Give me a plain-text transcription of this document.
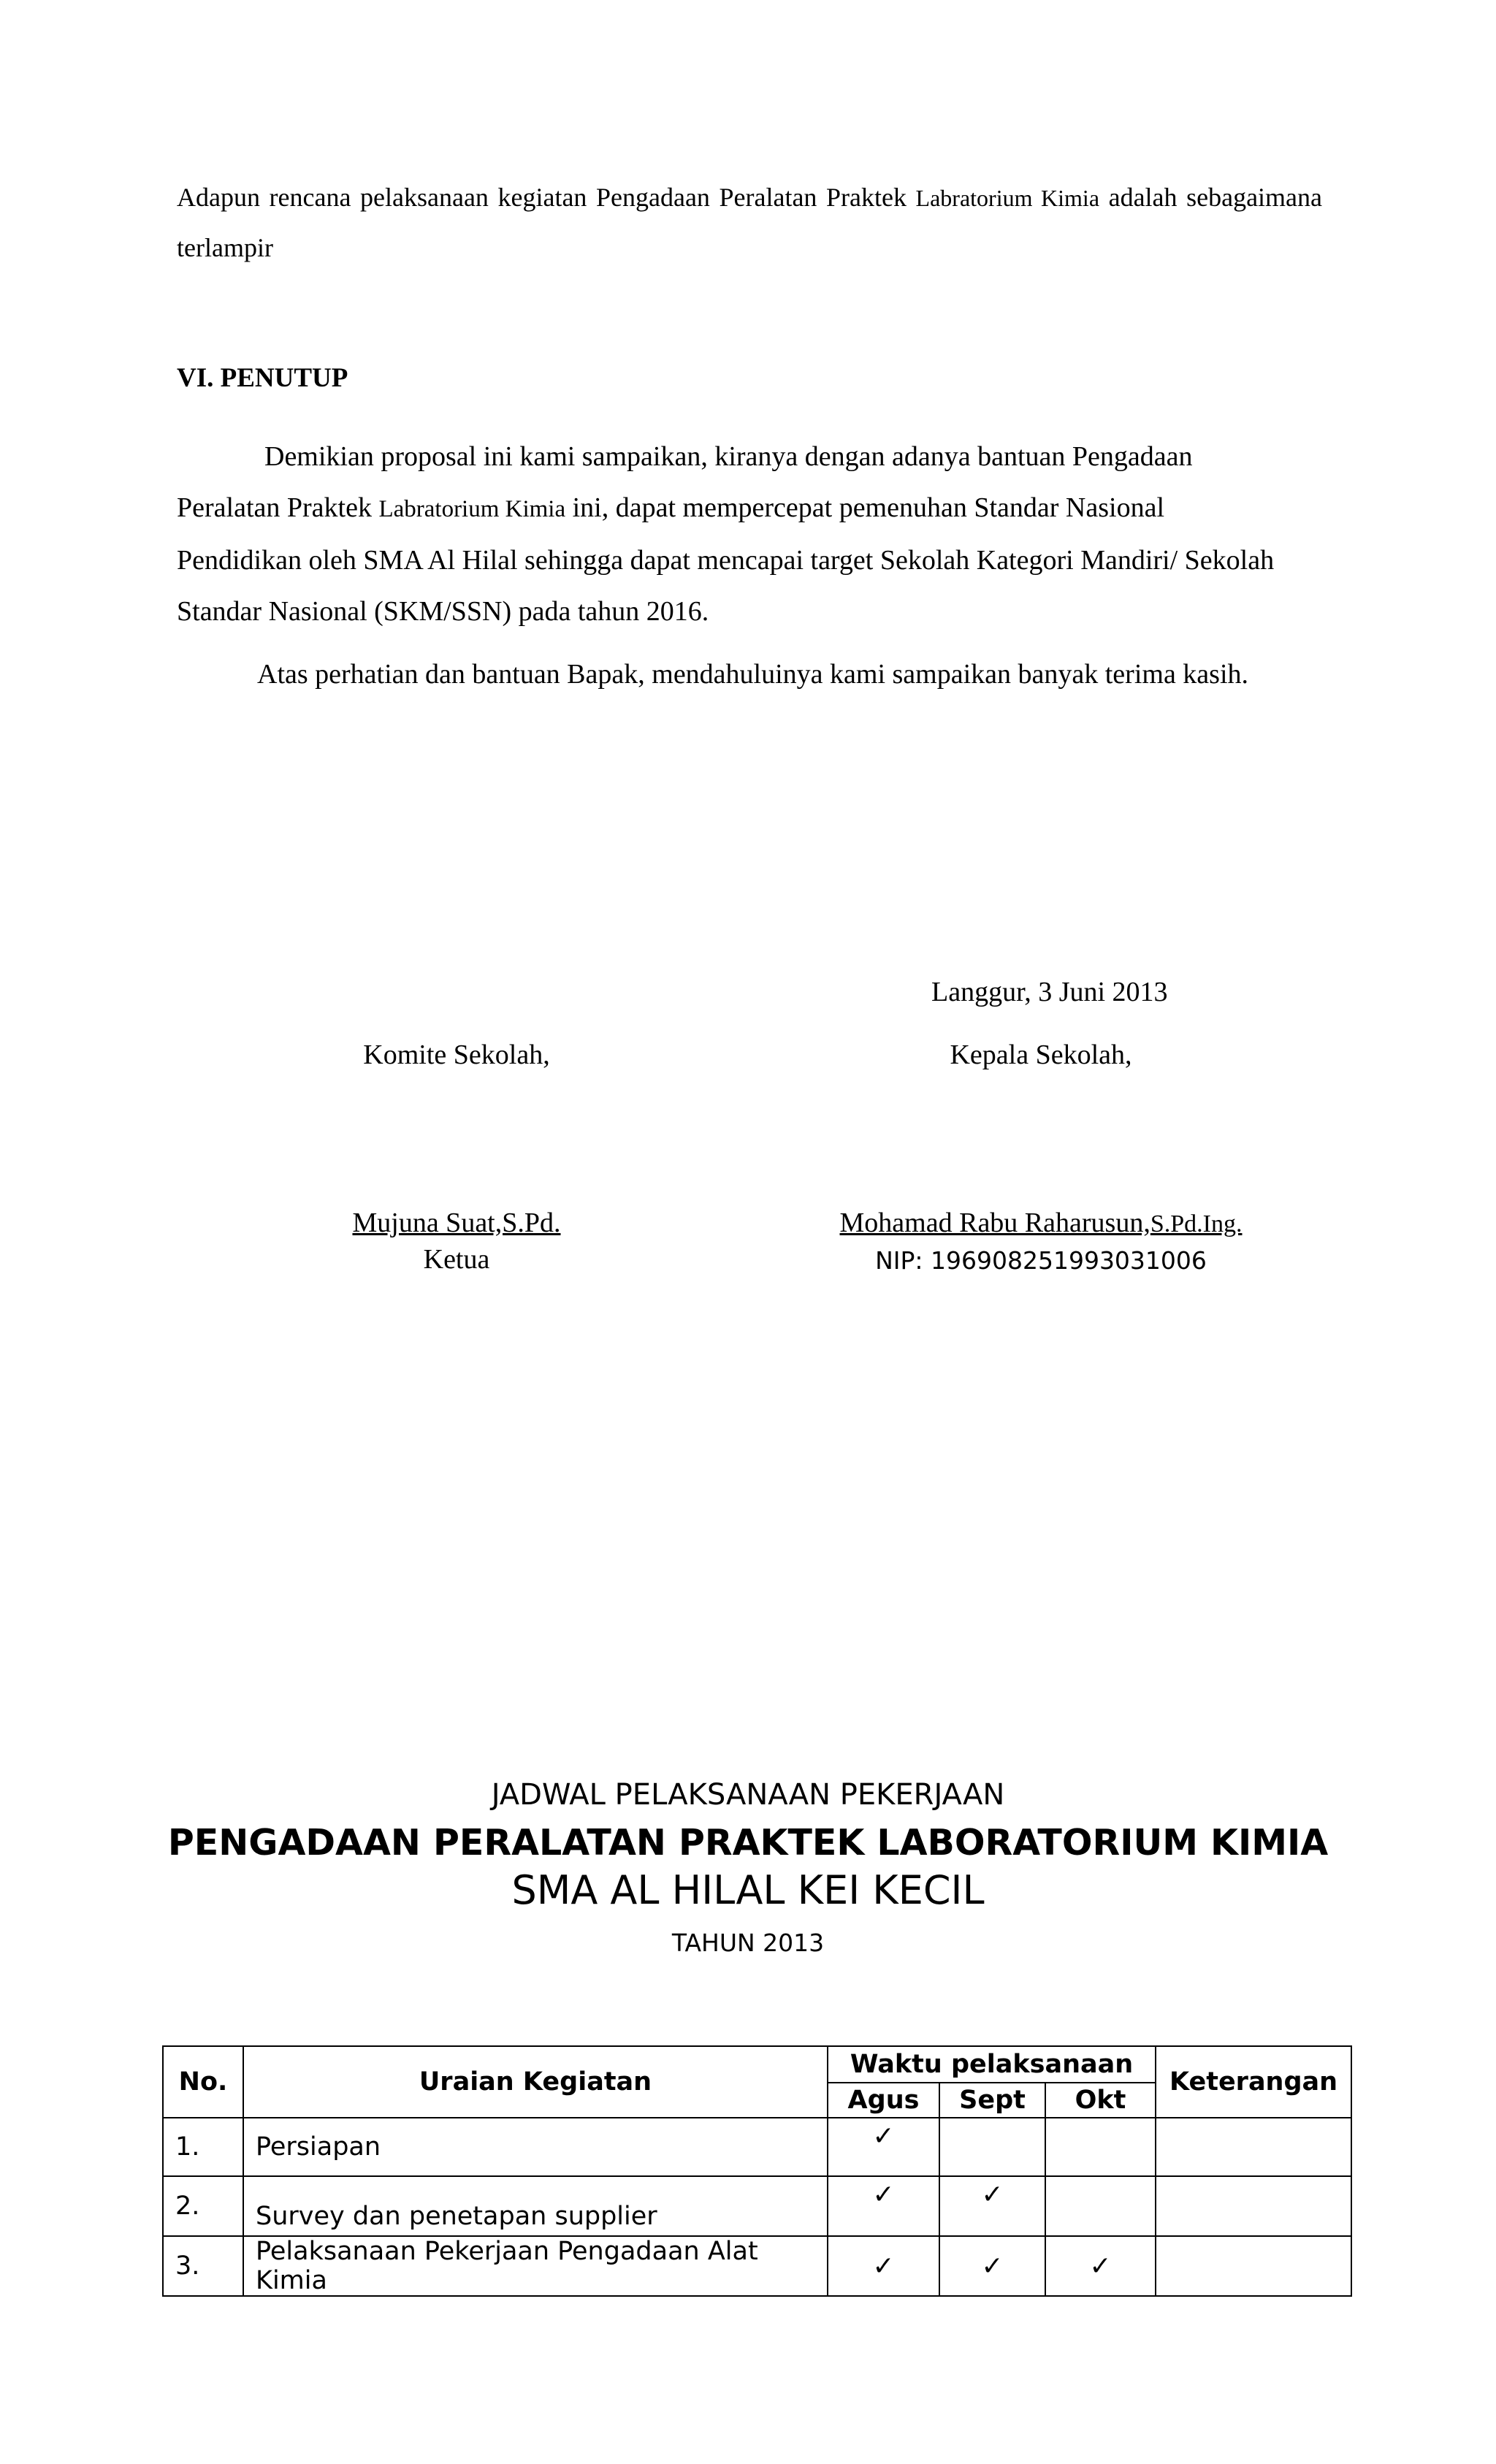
Adapun rencana pelaksanaan kegiatan Pengadaan Peralatan Praktek Labratorium Kimia adalah sebagaimana terlampir

VI. PENUTUP

Demikian proposal ini kami sampaikan, kiranya dengan adanya bantuan Pengadaan Peralatan Praktek Labratorium Kimia ini, dapat mempercepat pemenuhan Standar Nasional Pendidikan oleh SMA Al Hilal sehingga dapat mencapai target Sekolah Kategori Mandiri/ Sekolah Standar Nasional (SKM/SSN) pada tahun 2016.

Atas perhatian dan bantuan Bapak, mendahuluinya kami sampaikan banyak terima kasih.

Langgur, 3 Juni 2013
Komite Sekolah,	Kepala Sekolah,
Mujuna Suat,S.Pd.
Ketua
Mohamad Rabu Raharusun,S.Pd.Ing.
NIP: 196908251993031006
JADWAL PELAKSANAAN PEKERJAAN
PENGADAAN PERALATAN PRAKTEK LABORATORIUM KIMIA
SMA AL HILAL KEI KECIL
TAHUN 2013
No.	Uraian Kegiatan	Waktu pelaksanaan			Keterangan
		Agus	Sept	Okt	
1.	Persiapan	✓			
2.	Survey dan penetapan supplier	✓	✓		
3.	Pelaksanaan Pekerjaan Pengadaan Alat Kimia	✓	✓	✓	
